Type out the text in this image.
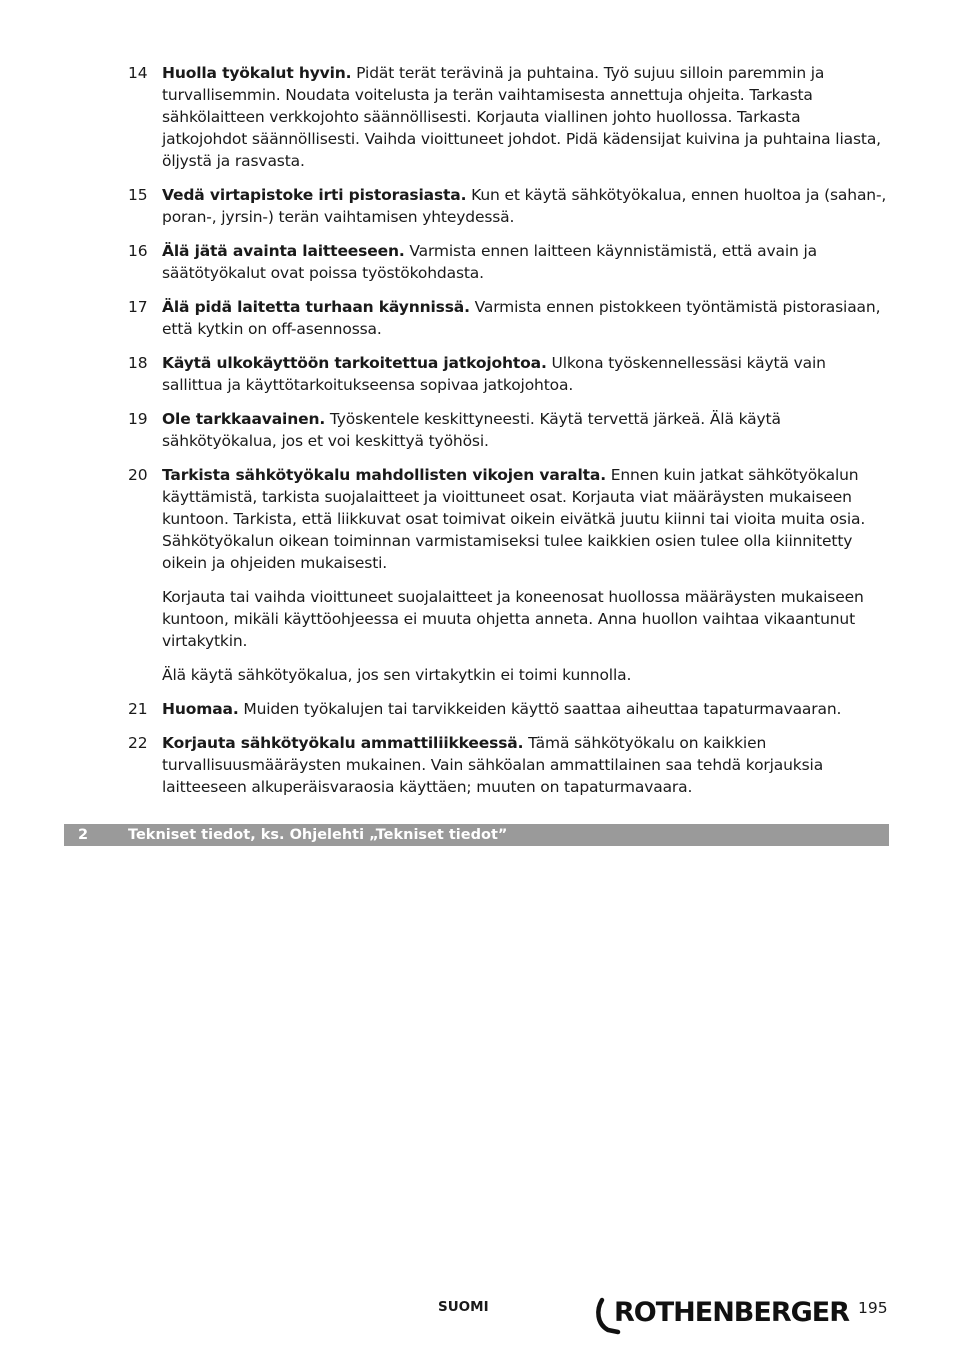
14 Huolla työkalut hyvin. Pidät terät terävinä ja puhtaina. Työ sujuu silloin paremmin ja turvallisemmin. Noudata voitelusta ja terän vaihtamisesta annettuja ohjeita. Tarkasta sähkölaitteen verkkojohto säännöllisesti. Korjauta viallinen johto huollossa. Tarkasta jatkojohdot säännöllisesti. Vaihda vioittuneet johdot. Pidä kädensijat kuivina ja puhtaina liasta, öljystä ja rasvasta.
15 Vedä virtapistoke irti pistorasiasta. Kun et käytä sähkötyökalua, ennen huoltoa ja (sahan-, poran-, jyrsin-) terän vaihtamisen yhteydessä.
16 Älä jätä avainta laitteeseen. Varmista ennen laitteen käynnistämistä, että avain ja säätötyökalut ovat poissa työstökohdasta.
17 Älä pidä laitetta turhaan käynnissä. Varmista ennen pistokkeen työntämistä pistorasiaan, että kytkin on off-asennossa.
18 Käytä ulkokäyttöön tarkoitettua jatkojohtoa. Ulkona työskennellessäsi käytä vain sallittua ja käyttötarkoitukseensa sopivaa jatkojohtoa.
19 Ole tarkkaavainen. Työskentele keskittyneesti. Käytä tervettä järkeä. Älä käytä sähkötyökalua, jos et voi keskittyä työhösi.
20 Tarkista sähkötyökalu mahdollisten vikojen varalta. Ennen kuin jatkat sähkötyökalun käyttämistä, tarkista suojalaitteet ja vioittuneet osat. Korjauta viat määräysten mukaiseen kuntoon. Tarkista, että liikkuvat osat toimivat oikein eivätkä juutu kiinni tai vioita muita osia. Sähkötyökalun oikean toiminnan varmistamiseksi tulee kaikkien osien tulee olla kiinnitetty oikein ja ohjeiden mukaisesti.
Korjauta tai vaihda vioittuneet suojalaitteet ja koneenosat huollossa määräysten mukaiseen kuntoon, mikäli käyttöohjeessa ei muuta ohjetta anneta. Anna huollon vaihtaa vikaantunut virtakytkin.
Älä käytä sähkötyökalua, jos sen virtakytkin ei toimi kunnolla.
21 Huomaa. Muiden työkalujen tai tarvikkeiden käyttö saattaa aiheuttaa tapaturmavaaran.
22 Korjauta sähkötyökalu ammattiliikkeessä. Tämä sähkötyökalu on kaikkien turvallisuusmääräysten mukainen. Vain sähköalan ammattilainen saa tehdä korjauksia laitteeseen alkuperäisvaraosia käyttäen; muuten on tapaturmavaara.
2	Tekniset tiedot, ks. Ohjelehti „Tekniset tiedot”
SUOMI	ROTHENBERGER 195
